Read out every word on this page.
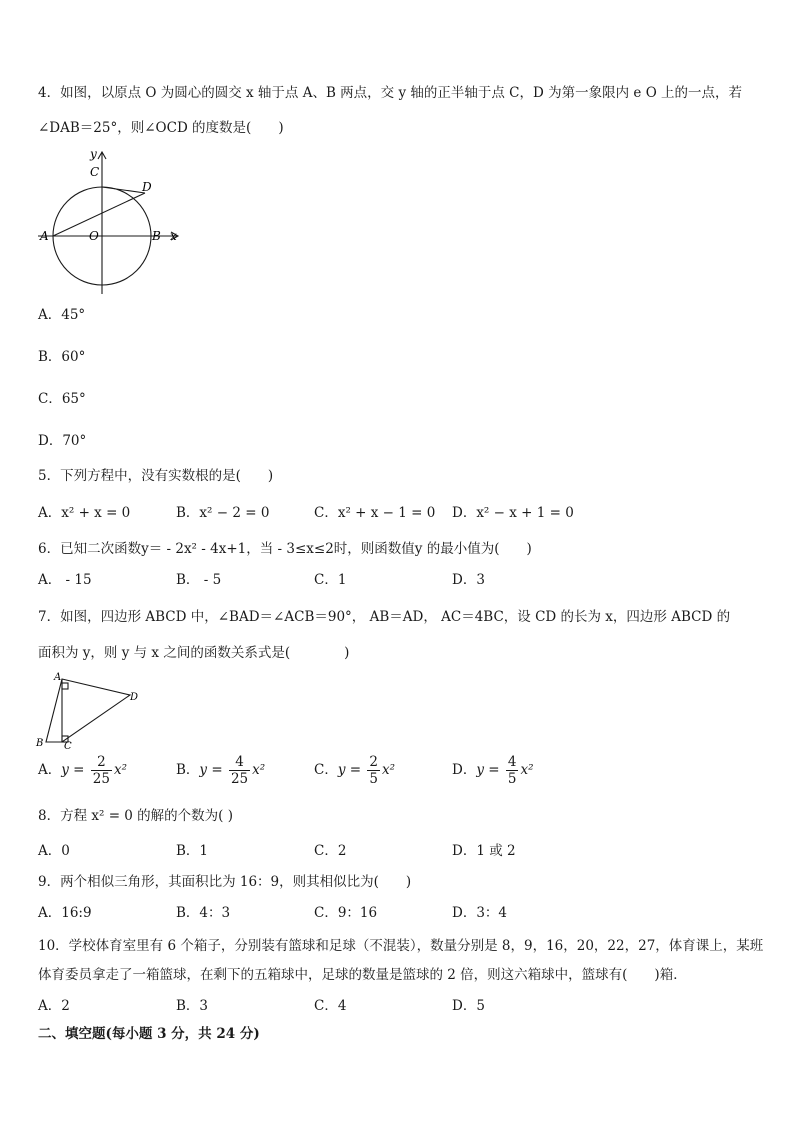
4．如图，以原点 O 为圆心的圆交 x 轴于点 A、B 两点，交 y 轴的正半轴于点 C，D 为第一象限内 e O 上的一点，若
∠DAB＝25°，则∠OCD 的度数是(　　)
y
x
C
D
A	O	B
A．45°
B．60°
C．65°
D．70°
5．下列方程中，没有实数根的是(　　)
A．x² + x = 0	B．x² − 2 = 0	C．x² + x − 1 = 0 D．x² − x + 1 = 0
6．已知二次函数y＝ - 2x² - 4x+1，当 - 3≤x≤2时，则函数值y 的最小值为(　　)
A． - 15	B． - 5	C．1	D．3
7．如图，四边形 ABCD 中，∠BAD＝∠ACB＝90°， AB＝AD， AC＝4BC，设 CD 的长为 x，四边形 ABCD 的
面积为 y，则 y 与 x 之间的函数关系式是(　　　　)
A
B C
D
A．$y = \frac{2}{25} x^2$	B．$y = \frac{4}{25} x^2$	C．$y = \frac{2}{5} x^2$	D．$y = \frac{4}{5} x^2$
8．方程 x² = 0 的解的个数为( )
A．0	B．1	C．2	D．1 或 2
9．两个相似三角形，其面积比为 16：9，则其相似比为(　　)
A．16:9	B．4：3	C．9：16	D．3：4
10．学校体育室里有 6 个箱子，分别装有篮球和足球（不混装），数量分别是 8，9，16，20，22，27，体育课上，某班
体育委员拿走了一箱篮球，在剩下的五箱球中，足球的数量是篮球的 2 倍，则这六箱球中，篮球有(　　)箱．
A．2	B．3	C．4	D．5
二、填空题(每小题 3 分，共 24 分)
